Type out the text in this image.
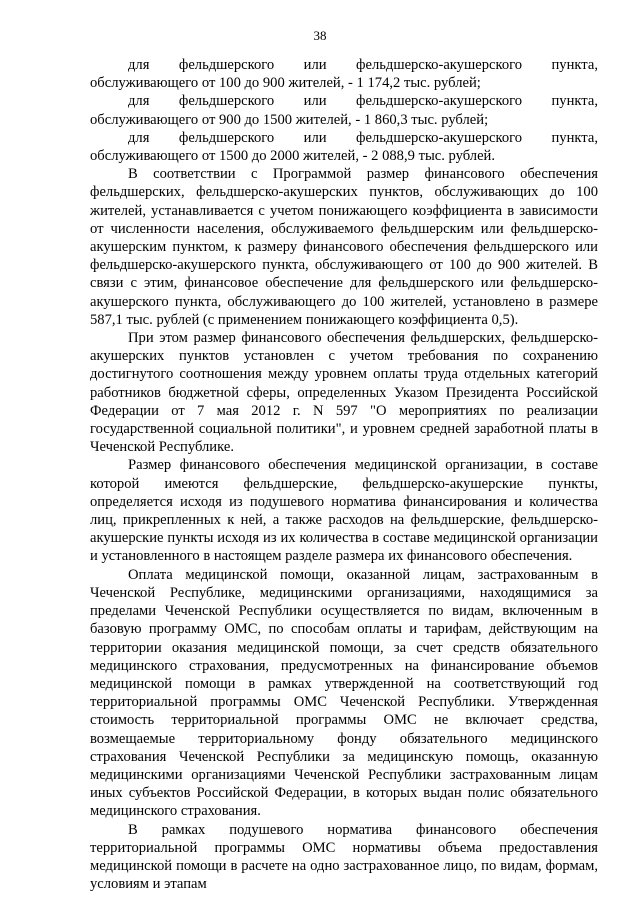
38

для фельдшерского или фельдшерско-акушерского пункта, обслуживающего от 100 до 900 жителей, - 1 174,2 тыс. рублей;

для фельдшерского или фельдшерско-акушерского пункта, обслуживающего от 900 до 1500 жителей, - 1 860,3 тыс. рублей;

для фельдшерского или фельдшерско-акушерского пункта, обслуживающего от 1500 до 2000 жителей, - 2 088,9 тыс. рублей.

В соответствии с Программой размер финансового обеспечения фельдшерских, фельдшерско-акушерских пунктов, обслуживающих до 100 жителей, устанавливается с учетом понижающего коэффициента в зависимости от численности населения, обслуживаемого фельдшерским или фельдшерско-акушерским пунктом, к размеру финансового обеспечения фельдшерского или фельдшерско-акушерского пункта, обслуживающего от 100 до 900 жителей. В связи с этим, финансовое обеспечение для фельдшерского или фельдшерско-акушерского пункта, обслуживающего до 100 жителей, установлено в размере 587,1 тыс. рублей (с применением понижающего коэффициента 0,5).

При этом размер финансового обеспечения фельдшерских, фельдшерско-акушерских пунктов установлен с учетом требования по сохранению достигнутого соотношения между уровнем оплаты труда отдельных категорий работников бюджетной сферы, определенных Указом Президента Российской Федерации от 7 мая 2012 г. N 597 "О мероприятиях по реализации государственной социальной политики", и уровнем средней заработной платы в Чеченской Республике.

Размер финансового обеспечения медицинской организации, в составе которой имеются фельдшерские, фельдшерско-акушерские пункты, определяется исходя из подушевого норматива финансирования и количества лиц, прикрепленных к ней, а также расходов на фельдшерские, фельдшерско-акушерские пункты исходя из их количества в составе медицинской организации и установленного в настоящем разделе размера их финансового обеспечения.

Оплата медицинской помощи, оказанной лицам, застрахованным в Чеченской Республике, медицинскими организациями, находящимися за пределами Чеченской Республики осуществляется по видам, включенным в базовую программу ОМС, по способам оплаты и тарифам, действующим на территории оказания медицинской помощи, за счет средств обязательного медицинского страхования, предусмотренных на финансирование объемов медицинской помощи в рамках утвержденной на соответствующий год территориальной программы ОМС Чеченской Республики. Утвержденная стоимость территориальной программы ОМС не включает средства, возмещаемые территориальному фонду обязательного медицинского страхования Чеченской Республики за медицинскую помощь, оказанную медицинскими организациями Чеченской Республики застрахованным лицам иных субъектов Российской Федерации, в которых выдан полис обязательного медицинского страхования.

В рамках подушевого норматива финансового обеспечения территориальной программы ОМС нормативы объема предоставления медицинской помощи в расчете на одно застрахованное лицо, по видам, формам, условиям и этапам
